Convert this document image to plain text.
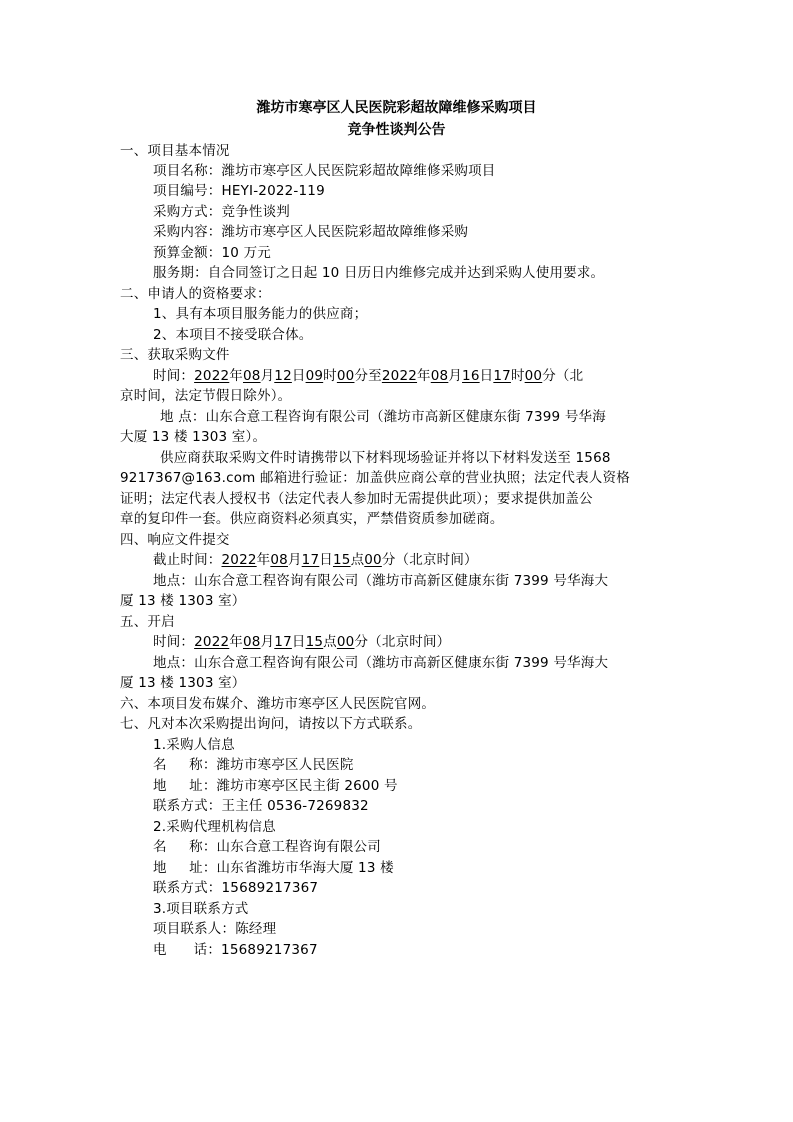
潍坊市寒亭区人民医院彩超故障维修采购项目
竞争性谈判公告
一、项目基本情况
项目名称：潍坊市寒亭区人民医院彩超故障维修采购项目
项目编号：HEYI-2022-119
采购方式：竞争性谈判
采购内容：潍坊市寒亭区人民医院彩超故障维修采购
预算金额：10 万元
服务期：自合同签订之日起 10 日历日内维修完成并达到采购人使用要求。
二、申请人的资格要求：
1、具有本项目服务能力的供应商；
2、本项目不接受联合体。
三、获取采购文件
时间：2022年08月12日09时00分至2022年08月16日17时00分（北
京时间，法定节假日除外）。
地 点：山东合意工程咨询有限公司（潍坊市高新区健康东街 7399 号华海
大厦 13 楼 1303 室）。
供应商获取采购文件时请携带以下材料现场验证并将以下材料发送至 1568
9217367@163.com 邮箱进行验证：加盖供应商公章的营业执照；法定代表人资格
证明；法定代表人授权书（法定代表人参加时无需提供此项）；要求提供加盖公
章的复印件一套。供应商资料必须真实，严禁借资质参加磋商。
四、响应文件提交
截止时间：2022年08月17日15点00分（北京时间）
地点：山东合意工程咨询有限公司（潍坊市高新区健康东街 7399 号华海大
厦 13 楼 1303 室）
五、开启
时间：2022年08月17日15点00分（北京时间）
地点：山东合意工程咨询有限公司（潍坊市高新区健康东街 7399 号华海大
厦 13 楼 1303 室）
六、本项目发布媒介、潍坊市寒亭区人民医院官网。
七、凡对本次采购提出询问，请按以下方式联系。
1.采购人信息
名     称：潍坊市寒亭区人民医院
地     址：潍坊市寒亭区民主街 2600 号
联系方式：王主任 0536-7269832
2.采购代理机构信息
名     称：山东合意工程咨询有限公司
地     址：山东省潍坊市华海大厦 13 楼
联系方式：15689217367
3.项目联系方式
项目联系人：陈经理
电      话：15689217367
